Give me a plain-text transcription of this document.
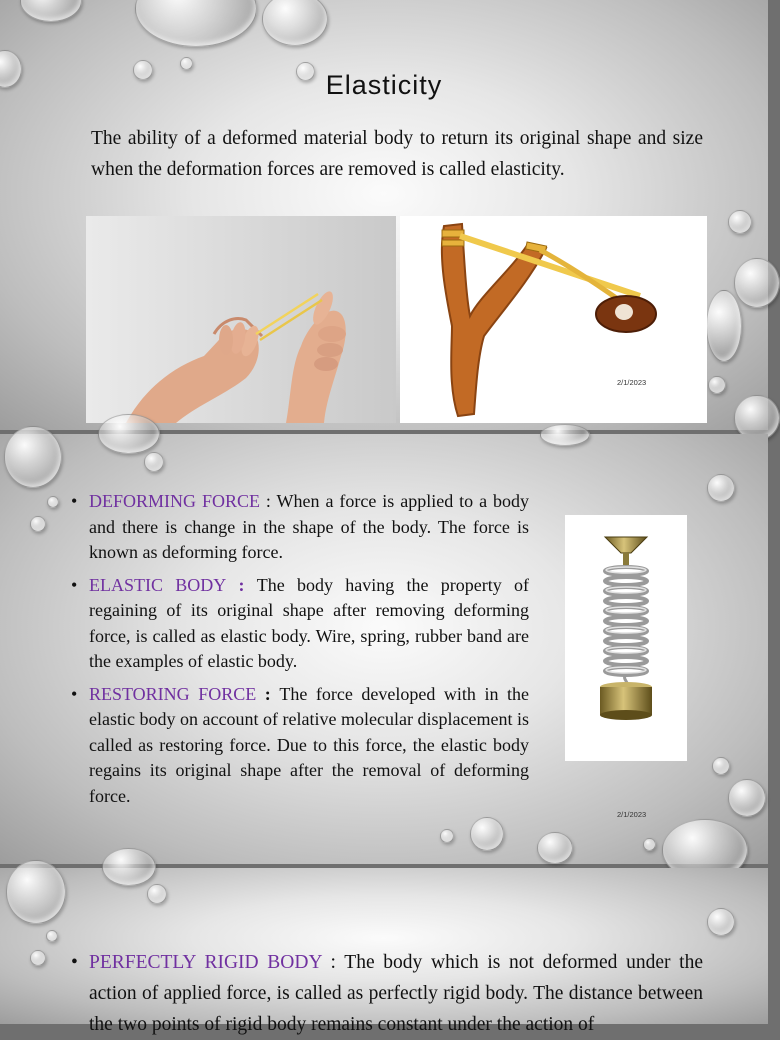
Elasticity
The ability of a deformed material body to return its original shape and size when the deformation forces are removed is called elasticity.
2/1/2023
• DEFORMING FORCE : When a force is applied to a body and there is change in the shape of the body. The force is known as deforming force.
• ELASTIC BODY : The body having the property of regaining of its original shape after removing deforming force, is called as elastic body. Wire, spring, rubber band are the examples of elastic body.
• RESTORING FORCE : The force developed with in the elastic body on account of relative molecular displacement is called as restoring force. Due to this force, the elastic body regains its original shape after the removal of deforming force.
2/1/2023
• PERFECTLY RIGID BODY : The body which is not deformed under the action of applied force, is called as perfectly rigid body. The distance between the two points of rigid body remains constant under the action of
